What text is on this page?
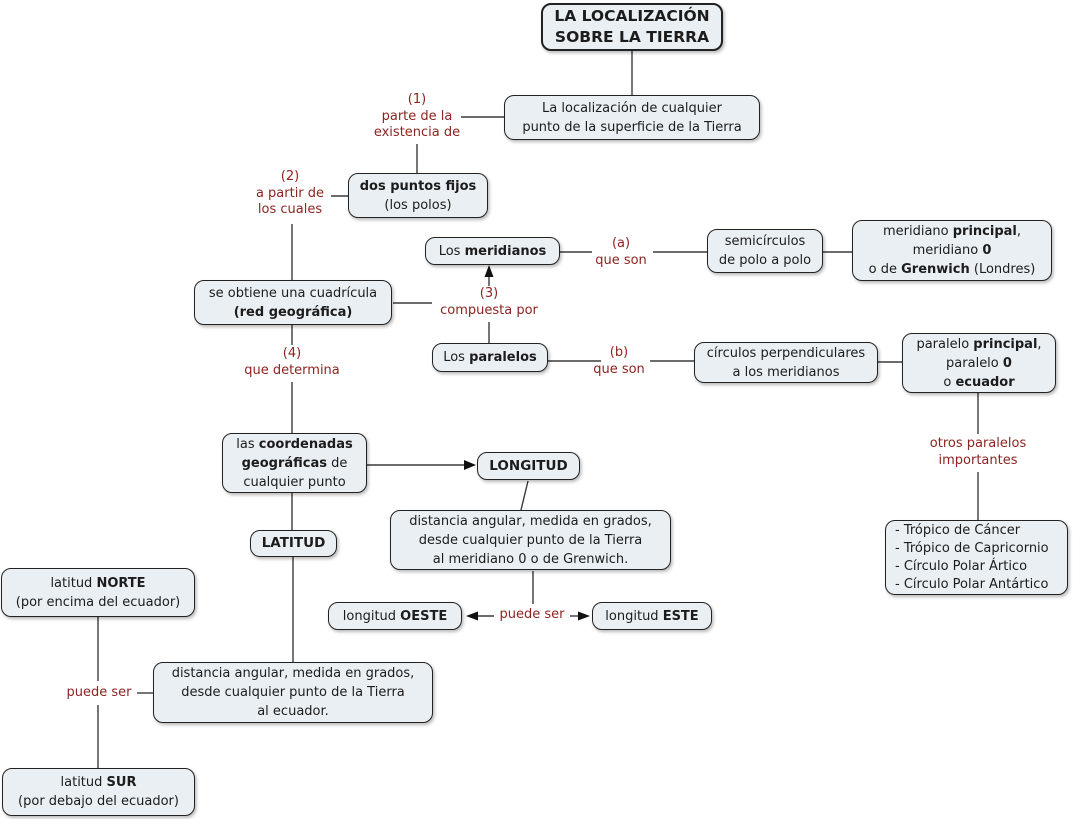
LA LOCALIZACIÓN
SOBRE LA TIERRA
La localización de cualquier
punto de la superficie de la Tierra
dos puntos fijos
(los polos)
se obtiene una cuadrícula
(red geográfica)
Los meridianos
Los paralelos
semicírculos
de polo a polo
meridiano principal,
meridiano 0
o de Grenwich (Londres)
círculos perpendiculares
a los meridianos
paralelo principal,
paralelo 0
o ecuador
las coordenadas
geográficas de
cualquier punto
LONGITUD
distancia angular, medida en grados,
desde cualquier punto de la Tierra
al meridiano 0 o de Grenwich.
longitud OESTE	longitud ESTE
LATITUD
latitud NORTE
(por encima del ecuador)
distancia angular, medida en grados,
desde cualquier punto de la Tierra
al ecuador.
latitud SUR
(por debajo del ecuador)
- Trópico de Cáncer
- Trópico de Capricornio
- Círculo Polar Ártico
- Círculo Polar Antártico
(1)
parte de la
existencia de
(2)
a partir de
los cuales
(3)
compuesta por
(4)
que determina
(a)
que son
(b)
que son
otros paralelos
importantes
puede ser
puede ser
